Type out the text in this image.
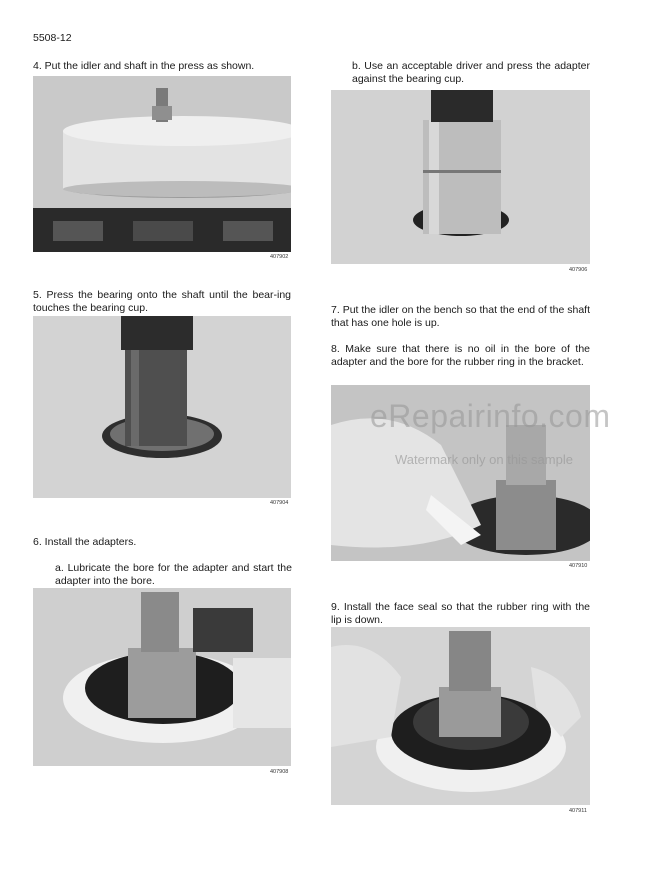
5508-12
4. Put the idler and shaft in the press as shown.
407902
5. Press the bearing onto the shaft until the bear-ing touches the bearing cup.
407904
6. Install the adapters.
a. Lubricate the bore for the adapter and start the adapter into the bore.
407908
b. Use an acceptable driver and press the adapter against the bearing cup.
407906
7. Put the idler on the bench so that the end of the shaft that has one hole is up.
8. Make sure that there is no oil in the bore of the adapter and the bore for the rubber ring in the bracket.
407910
9. Install the face seal so that the rubber ring with the lip is down.
407911
eRepairinfo.com
Watermark only on this sample
